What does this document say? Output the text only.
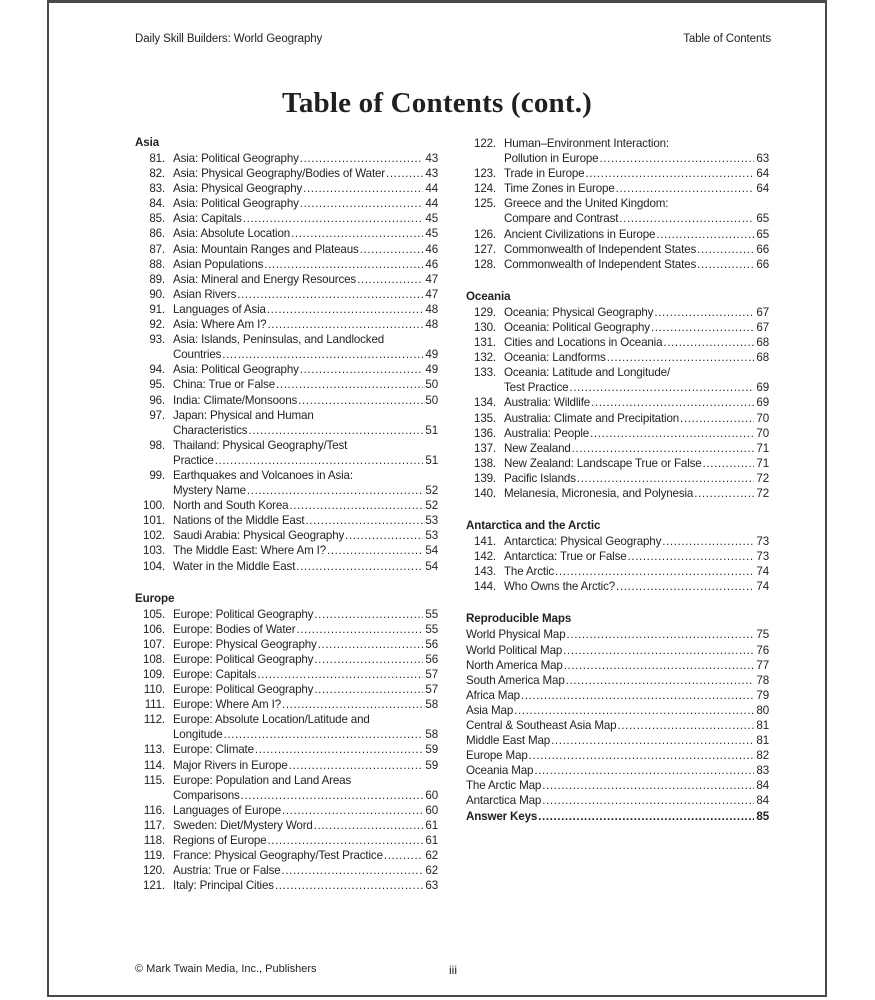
Daily Skill Builders: World Geography	Table of Contents
Table of Contents (cont.)
Asia
81. Asia: Political Geography .....	43
82. Asia: Physical Geography/Bodies of Water .....	43
83. Asia: Physical Geography .....	44
84. Asia: Political Geography .....	44
85. Asia: Capitals .....	45
86. Asia: Absolute Location .....	45
87. Asia: Mountain Ranges and Plateaus .....	46
88. Asian Populations .....	46
89. Asia: Mineral and Energy Resources .....	47
90. Asian Rivers .....	47
91. Languages of Asia .....	48
92. Asia: Where Am I? .....	48
93. Asia: Islands, Peninsulas, and Landlocked
Countries .....	49
94. Asia: Political Geography .....	49
95. China: True or False .....	50
96. India: Climate/Monsoons .....	50
97. Japan: Physical and Human
Characteristics .....	51
98. Thailand: Physical Geography/Test
Practice .....	51
99. Earthquakes and Volcanoes in Asia:
Mystery Name .....	52
100. North and South Korea .....	52
101. Nations of the Middle East .....	53
102. Saudi Arabia: Physical Geography .....	53
103. The Middle East: Where Am I? .....	54
104. Water in the Middle East .....	54
Europe
105. Europe: Political Geography .....	55
106. Europe: Bodies of Water .....	55
107. Europe: Physical Geography .....	56
108. Europe: Political Geography .....	56
109. Europe: Capitals .....	57
110. Europe: Political Geography .....	57
111. Europe: Where Am I? .....	58
112. Europe: Absolute Location/Latitude and
Longitude .....	58
113. Europe: Climate .....	59
114. Major Rivers in Europe .....	59
115. Europe: Population and Land Areas
Comparisons .....	60
116. Languages of Europe .....	60
117. Sweden: Diet/Mystery Word .....	61
118. Regions of Europe .....	61
119. France: Physical Geography/Test Practice .....	62
120. Austria: True or False .....	62
121. Italy: Principal Cities .....	63
122. Human–Environment Interaction:
Pollution in Europe .....	63
123. Trade in Europe .....	64
124. Time Zones in Europe .....	64
125. Greece and the United Kingdom:
Compare and Contrast .....	65
126. Ancient Civilizations in Europe .....	65
127. Commonwealth of Independent States .....	66
128. Commonwealth of Independent States .....	66
Oceania
129. Oceania: Physical Geography .....	67
130. Oceania: Political Geography .....	67
131. Cities and Locations in Oceania .....	68
132. Oceania: Landforms .....	68
133. Oceania: Latitude and Longitude/
Test Practice .....	69
134. Australia: Wildlife .....	69
135. Australia: Climate and Precipitation .....	70
136. Australia: People .....	70
137. New Zealand .....	71
138. New Zealand: Landscape True or False .....	71
139. Pacific Islands .....	72
140. Melanesia, Micronesia, and Polynesia .....	72
Antarctica and the Arctic
141. Antarctica: Physical Geography .....	73
142. Antarctica: True or False .....	73
143. The Arctic .....	74
144. Who Owns the Arctic? .....	74
Reproducible Maps
World Physical Map .....	75
World Political Map .....	76
North America Map .....	77
South America Map .....	78
Africa Map .....	79
Asia Map .....	80
Central & Southeast Asia Map .....	81
Middle East Map .....	81
Europe Map .....	82
Oceania Map .....	83
The Arctic Map .....	84
Antarctica Map .....	84
Answer Keys .....	85
© Mark Twain Media, Inc., Publishers	iii
